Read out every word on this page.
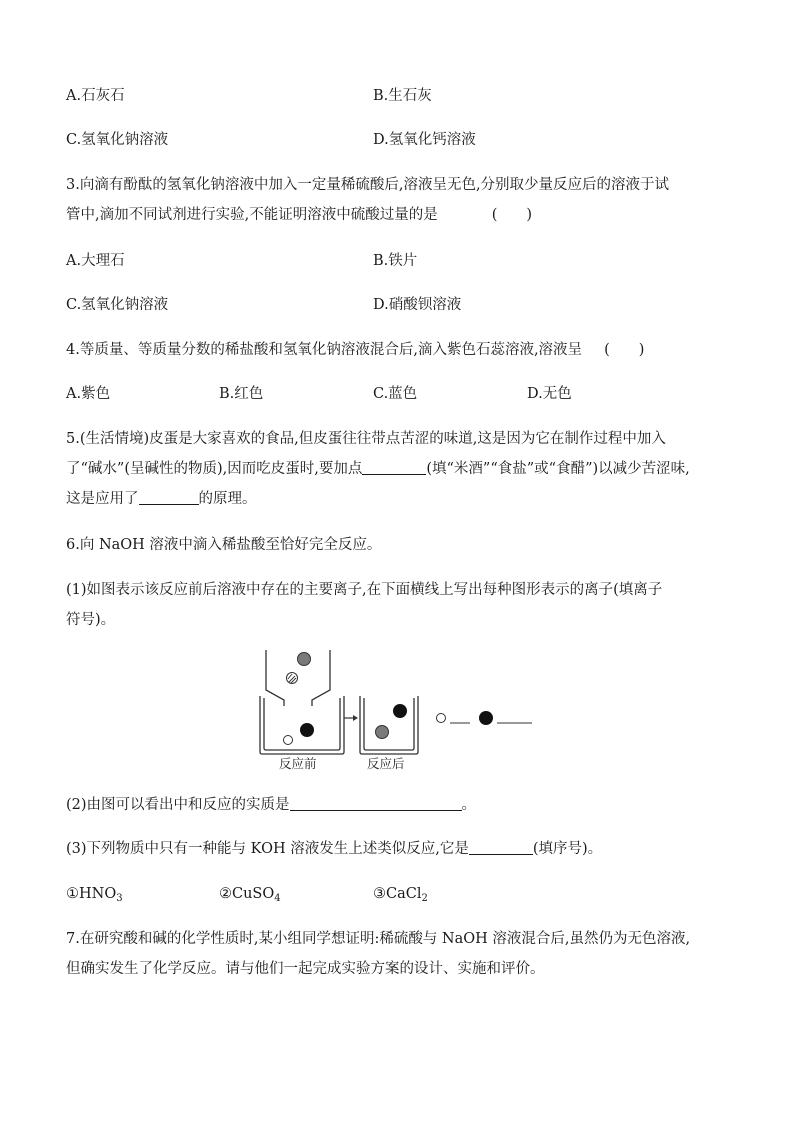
A.石灰石	B.生石灰
C.氢氧化钠溶液	D.氢氧化钙溶液
3.向滴有酚酞的氢氧化钠溶液中加入一定量稀硫酸后,溶液呈无色,分别取少量反应后的溶液于试
管中,滴加不同试剂进行实验,不能证明溶液中硫酸过量的是	(　　)
A.大理石	B.铁片
C.氢氧化钠溶液	D.硝酸钡溶液
4.等质量、等质量分数的稀盐酸和氢氧化钠溶液混合后,滴入紫色石蕊溶液,溶液呈 (　　)
A.紫色	B.红色	C.蓝色	D.无色
5.(生活情境)皮蛋是大家喜欢的食品,但皮蛋往往带点苦涩的味道,这是因为它在制作过程中加入
了“碱水”(呈碱性的物质),因而吃皮蛋时,要加点	(填“米酒”“食盐”或“食醋”)以减少苦涩味,
这是应用了	的原理。
6.向 NaOH 溶液中滴入稀盐酸至恰好完全反应。
(1)如图表示该反应前后溶液中存在的主要离子,在下面横线上写出每种图形表示的离子(填离子
符号)。
反应前	反应后
(2)由图可以看出中和反应的实质是	。
(3)下列物质中只有一种能与 KOH 溶液发生上述类似反应,它是	(填序号)。
$①HNO_3$	②CuSO$_4$	③CaCl$_2$
7.在研究酸和碱的化学性质时,某小组同学想证明:稀硫酸与 NaOH 溶液混合后,虽然仍为无色溶液,
但确实发生了化学反应。请与他们一起完成实验方案的设计、实施和评价。
